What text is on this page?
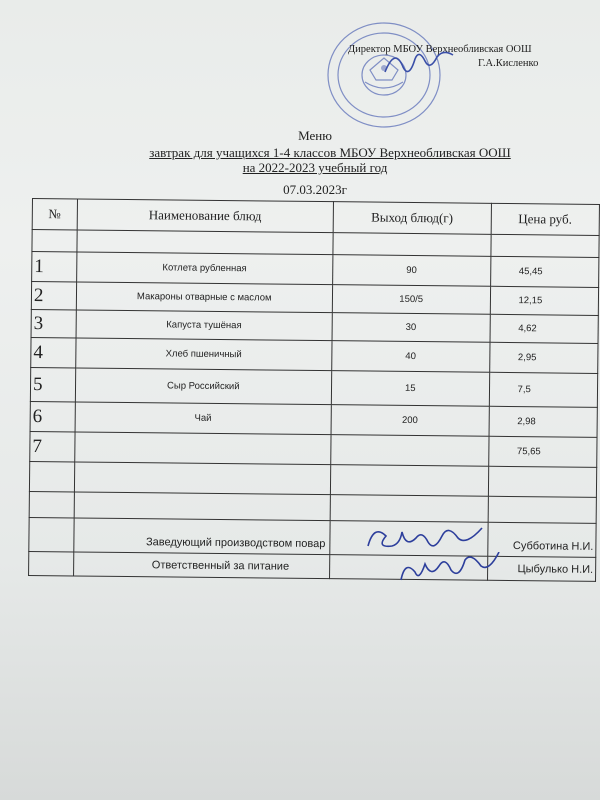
Директор МБОУ Верхнеобливская ООШ
Г.А.Кисленко
Меню
завтрак для учащихся 1-4 классов МБОУ Верхнеобливская ООШ
на 2022-2023 учебный год
07.03.2023г
№	Наименование блюд	Выход блюд(г)	Цена руб.

1	Котлета рубленная	90	45,45
2	Макароны отварные с маслом	150/5	12,15
3	Капуста тушёная	30	4,62
4	Хлеб пшеничный	40	2,95
5	Сыр Российский	15	7,5
6	Чай	200	2,98
7			75,65

	Заведующий производством повар		Субботина Н.И.
	Ответственный за питание		Цыбулько Н.И.
